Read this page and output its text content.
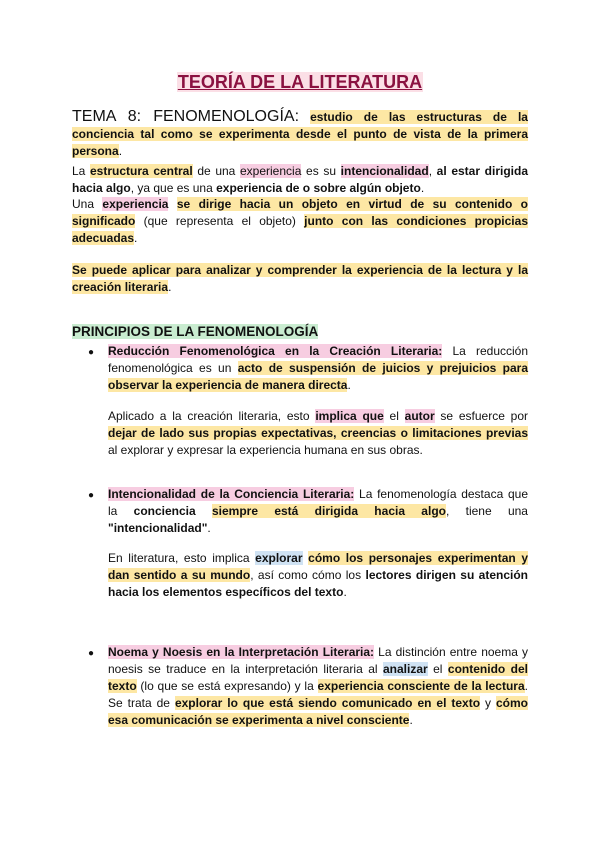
TEORÍA DE LA LITERATURA
TEMA 8: FENOMENOLOGÍA: estudio de las estructuras de la conciencia tal como se experimenta desde el punto de vista de la primera persona.
La estructura central de una experiencia es su intencionalidad, al estar dirigida hacia algo, ya que es una experiencia de o sobre algún objeto.
Una experiencia se dirige hacia un objeto en virtud de su contenido o significado (que representa el objeto) junto con las condiciones propicias adecuadas.
Se puede aplicar para analizar y comprender la experiencia de la lectura y la creación literaria.
PRINCIPIOS DE LA FENOMENOLOGÍA
● Reducción Fenomenológica en la Creación Literaria: La reducción fenomenológica es un acto de suspensión de juicios y prejuicios para observar la experiencia de manera directa.
Aplicado a la creación literaria, esto implica que el autor se esfuerce por dejar de lado sus propias expectativas, creencias o limitaciones previas al explorar y expresar la experiencia humana en sus obras.
● Intencionalidad de la Conciencia Literaria: La fenomenología destaca que la conciencia siempre está dirigida hacia algo, tiene una "intencionalidad".
En literatura, esto implica explorar cómo los personajes experimentan y dan sentido a su mundo, así como cómo los lectores dirigen su atención hacia los elementos específicos del texto.
● Noema y Noesis en la Interpretación Literaria: La distinción entre noema y noesis se traduce en la interpretación literaria al analizar el contenido del texto (lo que se está expresando) y la experiencia consciente de la lectura. Se trata de explorar lo que está siendo comunicado en el texto y cómo esa comunicación se experimenta a nivel consciente.
